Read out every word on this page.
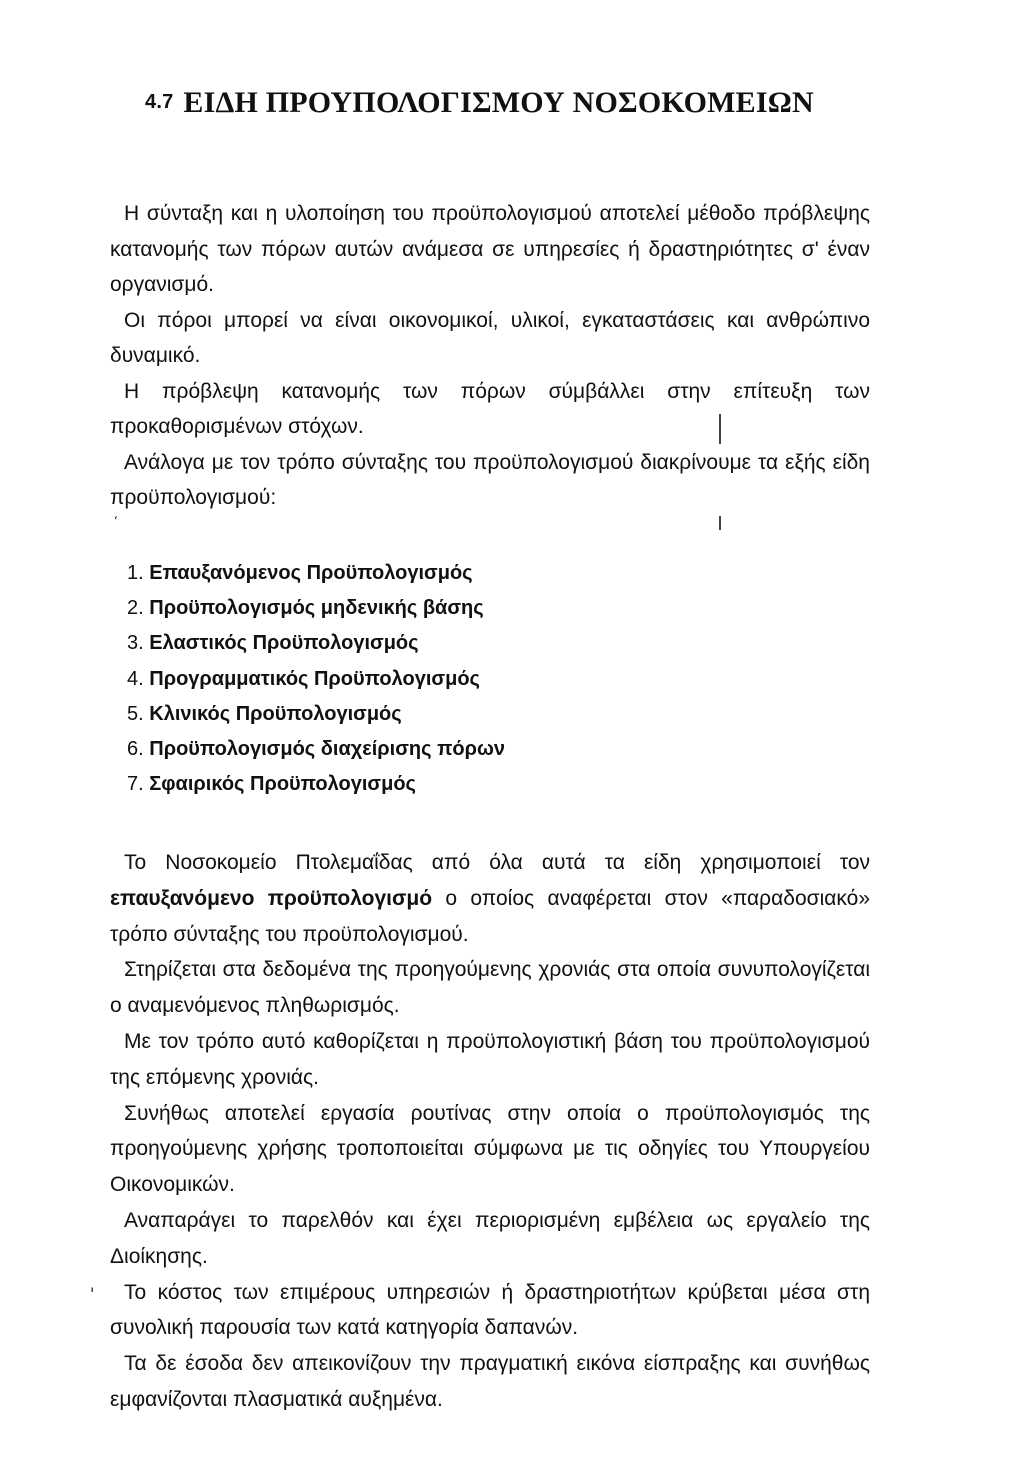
4.7 ΕΙΔΗ ΠΡΟΥΠΟΛΟΓΙΣΜΟΥ ΝΟΣΟΚΟΜΕΙΩΝ

Η σύνταξη και η υλοποίηση του προϋπολογισμού αποτελεί μέθοδο πρόβλεψης κατανομής των πόρων αυτών ανάμεσα σε υπηρεσίες ή δραστηριότητες σ' έναν οργανισμό.

Οι πόροι μπορεί να είναι οικονομικοί, υλικοί, εγκαταστάσεις και ανθρώπινο δυναμικό.

Η πρόβλεψη κατανομής των πόρων σύμβάλλει στην επίτευξη των προκαθορισμένων στόχων.

Ανάλογα με τον τρόπο σύνταξης του προϋπολογισμού διακρίνουμε τα εξής είδη προϋπολογισμού:

‘
1. Επαυξανόμενος Προϋπολογισμός
2. Προϋπολογισμός μηδενικής βάσης
3. Ελαστικός Προϋπολογισμός
4. Προγραμματικός Προϋπολογισμός
5. Κλινικός Προϋπολογισμός
6. Προϋπολογισμός διαχείρισης πόρων
7. Σφαιρικός Προϋπολογισμός

Το Νοσοκομείο Πτολεμαΐδας από όλα αυτά τα είδη χρησιμοποιεί τον επαυξανόμενο προϋπολογισμό ο οποίος αναφέρεται στον «παραδοσιακό» τρόπο σύνταξης του προϋπολογισμού.

Στηρίζεται στα δεδομένα της προηγούμενης χρονιάς στα οποία συνυπολογίζεται ο αναμενόμενος πληθωρισμός.

Με τον τρόπο αυτό καθορίζεται η προϋπολογιστική βάση του προϋπολογισμού της επόμενης χρονιάς.

Συνήθως αποτελεί εργασία ρουτίνας στην οποία ο προϋπολογισμός της προηγούμενης χρήσης τροποποιείται σύμφωνα με τις οδηγίες του Υπουργείου Οικονομικών.

Αναπαράγει το παρελθόν και έχει περιορισμένη εμβέλεια ως εργαλείο της Διοίκησης.

Το κόστος των επιμέρους υπηρεσιών ή δραστηριοτήτων κρύβεται μέσα στη συνολική παρουσία των κατά κατηγορία δαπανών.

Τα δε έσοδα δεν απεικονίζουν την πραγματική εικόνα είσπραξης και συνήθως εμφανίζονται πλασματικά αυξημένα.

'
